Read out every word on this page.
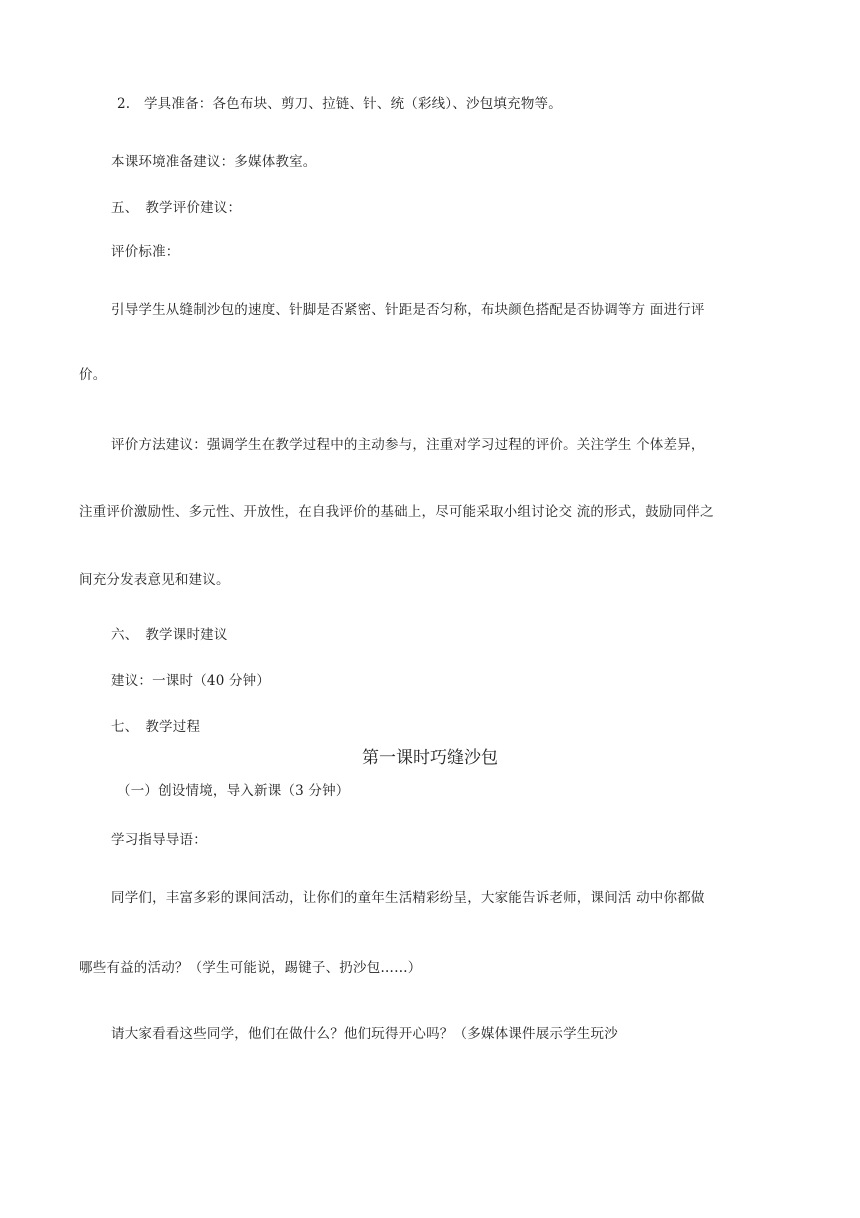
2.　学具准备：各色布块、剪刀、拉链、针、统（彩线）、沙包填充物等。
本课环境准备建议：多媒体教室。
五、　教学评价建议：
评价标准：
引导学生从缝制沙包的速度、针脚是否紧密、针距是否匀称，布块颜色搭配是否协调等方 面进行评
价。
评价方法建议：强调学生在教学过程中的主动参与，注重对学习过程的评价。关注学生 个体差异，
注重评价激励性、多元性、开放性，在自我评价的基础上，尽可能采取小组讨论交 流的形式，鼓励同伴之
间充分发表意见和建议。
六、　教学课时建议
建议：一课时（40 分钟）
七、　教学过程
第一课时巧缝沙包
（一）创设情境，导入新课（3 分钟）
学习指导导语：
同学们，丰富多彩的课间活动，让你们的童年生活精彩纷呈，大家能告诉老师，课间活 动中你都做
哪些有益的活动？（学生可能说，踢键子、扔沙包……）
请大家看看这些同学，他们在做什么？他们玩得开心吗？（多媒体课件展示学生玩沙
